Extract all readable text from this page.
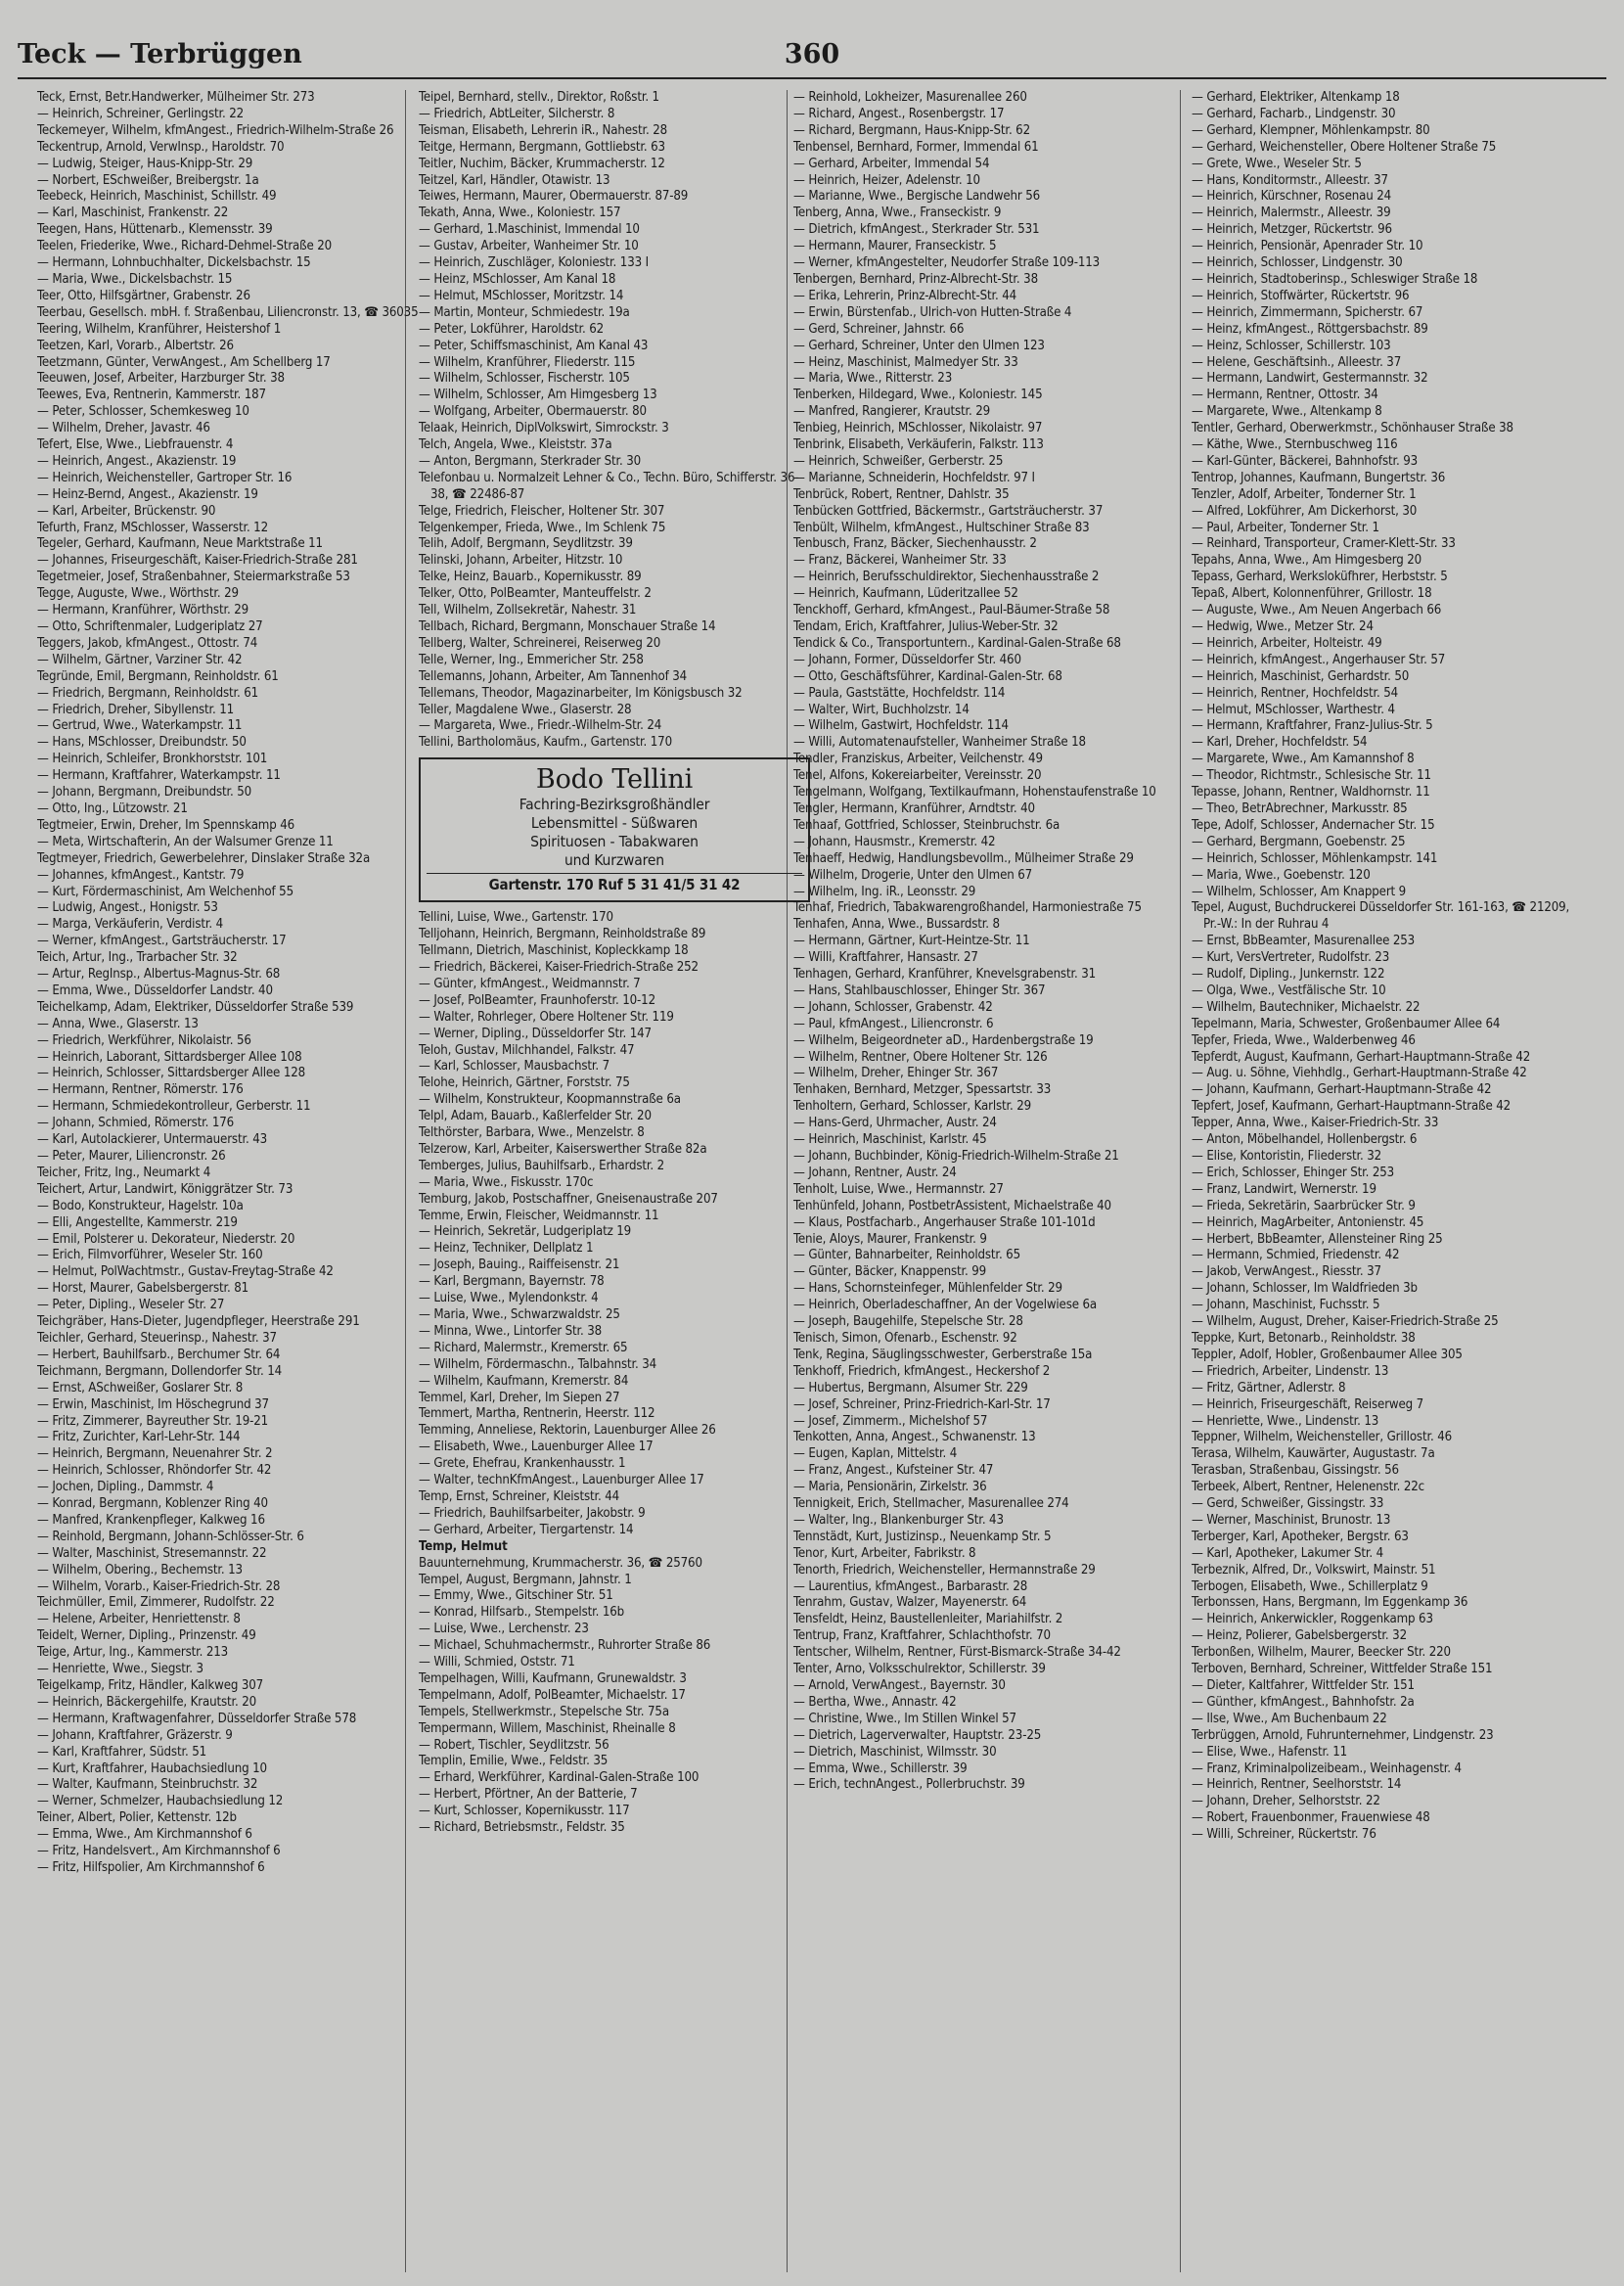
Teck — Terbrüggen	360
Teck, Ernst, Betr.Handwerker, Mülheimer Str. 273
— Heinrich, Schreiner, Gerlingstr. 22
Teckemeyer, Wilhelm, kfmAngest., Friedrich-Wilhelm-Straße 26
Teckentrup, Arnold, VerwInsp., Haroldstr. 70
— Ludwig, Steiger, Haus-Knipp-Str. 29
— Norbert, ESchweißer, Breibergstr. 1a
Teebeck, Heinrich, Maschinist, Schillstr. 49
— Karl, Maschinist, Frankenstr. 22
Teegen, Hans, Hüttenarb., Klemensstr. 39
Teelen, Friederike, Wwe., Richard-Dehmel-Straße 20
— Hermann, Lohnbuchhalter, Dickelsbachstr. 15
— Maria, Wwe., Dickelsbachstr. 15
Teer, Otto, Hilfsgärtner, Grabenstr. 26
Teerbau, Gesellsch. mbH. f. Straßenbau, Liliencronstr. 13, ☎ 36035
Teering, Wilhelm, Kranführer, Heistershof 1
Teetzen, Karl, Vorarb., Albertstr. 26
Teetzmann, Günter, VerwAngest., Am Schellberg 17
Teeuwen, Josef, Arbeiter, Harzburger Str. 38
Teewes, Eva, Rentnerin, Kammerstr. 187
— Peter, Schlosser, Schemkesweg 10
— Wilhelm, Dreher, Javastr. 46
Tefert, Else, Wwe., Liebfrauenstr. 4
— Heinrich, Angest., Akazienstr. 19
— Heinrich, Weichensteller, Gartroper Str. 16
— Heinz-Bernd, Angest., Akazienstr. 19
— Karl, Arbeiter, Brückenstr. 90
Tefurth, Franz, MSchlosser, Wasserstr. 12
Tegeler, Gerhard, Kaufmann, Neue Marktstraße 11
— Johannes, Friseurgeschäft, Kaiser-Friedrich-Straße 281
Tegetmeier, Josef, Straßenbahner, Steiermarkstraße 53
Tegge, Auguste, Wwe., Wörthstr. 29
— Hermann, Kranführer, Wörthstr. 29
— Otto, Schriftenmaler, Ludgeriplatz 27
Teggers, Jakob, kfmAngest., Ottostr. 74
— Wilhelm, Gärtner, Varziner Str. 42
Tegründe, Emil, Bergmann, Reinholdstr. 61
— Friedrich, Bergmann, Reinholdstr. 61
— Friedrich, Dreher, Sibyllenstr. 11
— Gertrud, Wwe., Waterkampstr. 11
— Hans, MSchlosser, Dreibundstr. 50
— Heinrich, Schleifer, Bronkhorststr. 101
— Hermann, Kraftfahrer, Waterkampstr. 11
— Johann, Bergmann, Dreibundstr. 50
— Otto, Ing., Lützowstr. 21
Tegtmeier, Erwin, Dreher, Im Spennskamp 46
— Meta, Wirtschafterin, An der Walsumer Grenze 11
Tegtmeyer, Friedrich, Gewerbelehrer, Dinslaker Straße 32a
— Johannes, kfmAngest., Kantstr. 79
— Kurt, Fördermaschinist, Am Welchenhof 55
— Ludwig, Angest., Honigstr. 53
— Marga, Verkäuferin, Verdistr. 4
— Werner, kfmAngest., Gartsträucherstr. 17
Teich, Artur, Ing., Trarbacher Str. 32
— Artur, RegInsp., Albertus-Magnus-Str. 68
— Emma, Wwe., Düsseldorfer Landstr. 40
Teichelkamp, Adam, Elektriker, Düsseldorfer Straße 539
— Anna, Wwe., Glaserstr. 13
— Friedrich, Werkführer, Nikolaistr. 56
— Heinrich, Laborant, Sittardsberger Allee 108
— Heinrich, Schlosser, Sittardsberger Allee 128
— Hermann, Rentner, Römerstr. 176
— Hermann, Schmiedekontrolleur, Gerberstr. 11
— Johann, Schmied, Römerstr. 176
— Karl, Autolackierer, Untermauerstr. 43
— Peter, Maurer, Liliencronstr. 26
Teicher, Fritz, Ing., Neumarkt 4
Teichert, Artur, Landwirt, Königgrätzer Str. 73
— Bodo, Konstrukteur, Hagelstr. 10a
— Elli, Angestellte, Kammerstr. 219
— Emil, Polsterer u. Dekorateur, Niederstr. 20
— Erich, Filmvorführer, Weseler Str. 160
— Helmut, PolWachtmstr., Gustav-Freytag-Straße 42
— Horst, Maurer, Gabelsbergerstr. 81
— Peter, Dipling., Weseler Str. 27
Teichgräber, Hans-Dieter, Jugendpfleger, Heerstraße 291
Teichler, Gerhard, Steuerinsp., Nahestr. 37
— Herbert, Bauhilfsarb., Berchumer Str. 64
Teichmann, Bergmann, Dollendorfer Str. 14
— Ernst, ASchweißer, Goslarer Str. 8
— Erwin, Maschinist, Im Höschegrund 37
— Fritz, Zimmerer, Bayreuther Str. 19-21
— Fritz, Zurichter, Karl-Lehr-Str. 144
— Heinrich, Bergmann, Neuenahrer Str. 2
— Heinrich, Schlosser, Rhöndorfer Str. 42
— Jochen, Dipling., Dammstr. 4
— Konrad, Bergmann, Koblenzer Ring 40
— Manfred, Krankenpfleger, Kalkweg 16
— Reinhold, Bergmann, Johann-Schlösser-Str. 6
— Walter, Maschinist, Stresemannstr. 22
— Wilhelm, Obering., Bechemstr. 13
— Wilhelm, Vorarb., Kaiser-Friedrich-Str. 28
Teichmüller, Emil, Zimmerer, Rudolfstr. 22
— Helene, Arbeiter, Henriettenstr. 8
Teidelt, Werner, Dipling., Prinzenstr. 49
Teige, Artur, Ing., Kammerstr. 213
— Henriette, Wwe., Siegstr. 3
Teigelkamp, Fritz, Händler, Kalkweg 307
— Heinrich, Bäckergehilfe, Krautstr. 20
— Hermann, Kraftwagenfahrer, Düsseldorfer Straße 578
— Johann, Kraftfahrer, Gräzerstr. 9
— Karl, Kraftfahrer, Südstr. 51
— Kurt, Kraftfahrer, Haubachsiedlung 10
— Walter, Kaufmann, Steinbruchstr. 32
— Werner, Schmelzer, Haubachsiedlung 12
Teiner, Albert, Polier, Kettenstr. 12b
— Emma, Wwe., Am Kirchmannshof 6
— Fritz, Handelsvert., Am Kirchmannshof 6
— Fritz, Hilfspolier, Am Kirchmannshof 6
Teipel, Bernhard, stellv., Direktor, Roßstr. 1
— Friedrich, AbtLeiter, Silcherstr. 8
Teisman, Elisabeth, Lehrerin iR., Nahestr. 28
Teitge, Hermann, Bergmann, Gottliebstr. 63
Teitler, Nuchim, Bäcker, Krummacherstr. 12
Teitzel, Karl, Händler, Otawistr. 13
Teiwes, Hermann, Maurer, Obermauerstr. 87-89
Tekath, Anna, Wwe., Koloniestr. 157
— Gerhard, 1.Maschinist, Immendal 10
— Gustav, Arbeiter, Wanheimer Str. 10
— Heinrich, Zuschläger, Koloniestr. 133 I
— Heinz, MSchlosser, Am Kanal 18
— Helmut, MSchlosser, Moritzstr. 14
— Martin, Monteur, Schmiedestr. 19a
— Peter, Lokführer, Haroldstr. 62
— Peter, Schiffsmaschinist, Am Kanal 43
— Wilhelm, Kranführer, Fliederstr. 115
— Wilhelm, Schlosser, Fischerstr. 105
— Wilhelm, Schlosser, Am Himgesberg 13
— Wolfgang, Arbeiter, Obermauerstr. 80
Telaak, Heinrich, DiplVolkswirt, Simrockstr. 3
Telch, Angela, Wwe., Kleiststr. 37a
— Anton, Bergmann, Sterkrader Str. 30
Telefonbau u. Normalzeit Lehner & Co., Techn. Büro, Schifferstr. 36-38, ☎ 22486-87
Telge, Friedrich, Fleischer, Holtener Str. 307
Telgenkemper, Frieda, Wwe., Im Schlenk 75
Telih, Adolf, Bergmann, Seydlitzstr. 39
Telinski, Johann, Arbeiter, Hitzstr. 10
Telke, Heinz, Bauarb., Kopernikusstr. 89
Telker, Otto, PolBeamter, Manteuffelstr. 2
Tell, Wilhelm, Zollsekretär, Nahestr. 31
Tellbach, Richard, Bergmann, Monschauer Straße 14
Tellberg, Walter, Schreinerei, Reiserweg 20
Telle, Werner, Ing., Emmericher Str. 258
Tellemanns, Johann, Arbeiter, Am Tannenhof 34
Tellemans, Theodor, Magazinarbeiter, Im Königsbusch 32
Teller, Magdalene Wwe., Glaserstr. 28
— Margareta, Wwe., Friedr.-Wilhelm-Str. 24
Tellini, Bartholomäus, Kaufm., Gartenstr. 170
Bodo Tellini
Fachring-Bezirksgroßhändler
Lebensmittel - Süßwaren
Spirituosen - Tabakwaren
und Kurzwaren
Gartenstr. 170 Ruf 5 31 41/5 31 42
Tellini, Luise, Wwe., Gartenstr. 170
Telljohann, Heinrich, Bergmann, Reinholdstraße 89
Tellmann, Dietrich, Maschinist, Kopleckkamp 18
— Friedrich, Bäckerei, Kaiser-Friedrich-Straße 252
— Günter, kfmAngest., Weidmannstr. 7
— Josef, PolBeamter, Fraunhoferstr. 10-12
— Walter, Rohrleger, Obere Holtener Str. 119
— Werner, Dipling., Düsseldorfer Str. 147
Teloh, Gustav, Milchhandel, Falkstr. 47
— Karl, Schlosser, Mausbachstr. 7
Telohe, Heinrich, Gärtner, Forststr. 75
— Wilhelm, Konstrukteur, Koopmannstraße 6a
Telpl, Adam, Bauarb., Kaßlerfelder Str. 20
Telthörster, Barbara, Wwe., Menzelstr. 8
Telzerow, Karl, Arbeiter, Kaiserswerther Straße 82a
Temberges, Julius, Bauhilfsarb., Erhardstr. 2
— Maria, Wwe., Fiskusstr. 170c
Temburg, Jakob, Postschaffner, Gneisenaustraße 207
Temme, Erwin, Fleischer, Weidmannstr. 11
— Heinrich, Sekretär, Ludgeriplatz 19
— Heinz, Techniker, Dellplatz 1
— Joseph, Bauing., Raiffeisenstr. 21
— Karl, Bergmann, Bayernstr. 78
— Luise, Wwe., Mylendonkstr. 4
— Maria, Wwe., Schwarzwaldstr. 25
— Minna, Wwe., Lintorfer Str. 38
— Richard, Malermstr., Kremerstr. 65
— Wilhelm, Fördermaschn., Talbahnstr. 34
— Wilhelm, Kaufmann, Kremerstr. 84
Temmel, Karl, Dreher, Im Siepen 27
Temmert, Martha, Rentnerin, Heerstr. 112
Temming, Anneliese, Rektorin, Lauenburger Allee 26
— Elisabeth, Wwe., Lauenburger Allee 17
— Grete, Ehefrau, Krankenhausstr. 1
— Walter, technKfmAngest., Lauenburger Allee 17
Temp, Ernst, Schreiner, Kleiststr. 44
— Friedrich, Bauhilfsarbeiter, Jakobstr. 9
— Gerhard, Arbeiter, Tiergartenstr. 14
Temp, Helmut
Bauunternehmung, Krummacherstr. 36, ☎ 25760
Tempel, August, Bergmann, Jahnstr. 1
— Emmy, Wwe., Gitschiner Str. 51
— Konrad, Hilfsarb., Stempelstr. 16b
— Luise, Wwe., Lerchenstr. 23
— Michael, Schuhmachermstr., Ruhrorter Straße 86
— Willi, Schmied, Oststr. 71
Tempelhagen, Willi, Kaufmann, Grunewaldstr. 3
Tempelmann, Adolf, PolBeamter, Michaelstr. 17
Tempels, Stellwerkmstr., Stepelsche Str. 75a
Tempermann, Willem, Maschinist, Rheinalle 8
— Robert, Tischler, Seydlitzstr. 56
Templin, Emilie, Wwe., Feldstr. 35
— Erhard, Werkführer, Kardinal-Galen-Straße 100
— Herbert, Pförtner, An der Batterie, 7
— Kurt, Schlosser, Kopernikusstr. 117
— Richard, Betriebsmstr., Feldstr. 35
— Reinhold, Lokheizer, Masurenallee 260
— Richard, Angest., Rosenbergstr. 17
— Richard, Bergmann, Haus-Knipp-Str. 62
Tenbensel, Bernhard, Former, Immendal 61
— Gerhard, Arbeiter, Immendal 54
— Heinrich, Heizer, Adelenstr. 10
— Marianne, Wwe., Bergische Landwehr 56
Tenberg, Anna, Wwe., Franseckistr. 9
— Dietrich, kfmAngest., Sterkrader Str. 531
— Hermann, Maurer, Franseckistr. 5
— Werner, kfmAngestelter, Neudorfer Straße 109-113
Tenbergen, Bernhard, Prinz-Albrecht-Str. 38
— Erika, Lehrerin, Prinz-Albrecht-Str. 44
— Erwin, Bürstenfab., Ulrich-von Hutten-Straße 4
— Gerd, Schreiner, Jahnstr. 66
— Gerhard, Schreiner, Unter den Ulmen 123
— Heinz, Maschinist, Malmedyer Str. 33
— Maria, Wwe., Ritterstr. 23
Tenberken, Hildegard, Wwe., Koloniestr. 145
— Manfred, Rangierer, Krautstr. 29
Tenbieg, Heinrich, MSchlosser, Nikolaistr. 97
Tenbrink, Elisabeth, Verkäuferin, Falkstr. 113
— Heinrich, Schweißer, Gerberstr. 25
— Marianne, Schneiderin, Hochfeldstr. 97 I
Tenbrück, Robert, Rentner, Dahlstr. 35
Tenbücken Gottfried, Bäckermstr., Gartsträucherstr. 37
Tenbült, Wilhelm, kfmAngest., Hultschiner Straße 83
Tenbusch, Franz, Bäcker, Siechenhausstr. 2
— Franz, Bäckerei, Wanheimer Str. 33
— Heinrich, Berufsschuldirektor, Siechenhausstraße 2
— Heinrich, Kaufmann, Lüderitzallee 52
Tenckhoff, Gerhard, kfmAngest., Paul-Bäumer-Straße 58
Tendam, Erich, Kraftfahrer, Julius-Weber-Str. 32
Tendick & Co., Transportuntern., Kardinal-Galen-Straße 68
— Johann, Former, Düsseldorfer Str. 460
— Otto, Geschäftsführer, Kardinal-Galen-Str. 68
— Paula, Gaststätte, Hochfeldstr. 114
— Walter, Wirt, Buchholzstr. 14
— Wilhelm, Gastwirt, Hochfeldstr. 114
— Willi, Automatenaufsteller, Wanheimer Straße 18
Tendler, Franziskus, Arbeiter, Veilchenstr. 49
Tenel, Alfons, Kokereiarbeiter, Vereinsstr. 20
Tengelmann, Wolfgang, Textilkaufmann, Hohenstaufenstraße 10
Tengler, Hermann, Kranführer, Arndtstr. 40
Tenhaaf, Gottfried, Schlosser, Steinbruchstr. 6a
— Johann, Hausmstr., Kremerstr. 42
Tenhaeff, Hedwig, Handlungsbevollm., Mülheimer Straße 29
— Wilhelm, Drogerie, Unter den Ulmen 67
— Wilhelm, Ing. iR., Leonsstr. 29
Tenhaf, Friedrich, Tabakwarengroßhandel, Harmoniestraße 75
Tenhafen, Anna, Wwe., Bussardstr. 8
— Hermann, Gärtner, Kurt-Heintze-Str. 11
— Willi, Kraftfahrer, Hansastr. 27
Tenhagen, Gerhard, Kranführer, Knevelsgrabenstr. 31
— Hans, Stahlbauschlosser, Ehinger Str. 367
— Johann, Schlosser, Grabenstr. 42
— Paul, kfmAngest., Liliencronstr. 6
— Wilhelm, Beigeordneter aD., Hardenbergstraße 19
— Wilhelm, Rentner, Obere Holtener Str. 126
— Wilhelm, Dreher, Ehinger Str. 367
Tenhaken, Bernhard, Metzger, Spessartstr. 33
Tenholtern, Gerhard, Schlosser, Karlstr. 29
— Hans-Gerd, Uhrmacher, Austr. 24
— Heinrich, Maschinist, Karlstr. 45
— Johann, Buchbinder, König-Friedrich-Wilhelm-Straße 21
— Johann, Rentner, Austr. 24
Tenholt, Luise, Wwe., Hermannstr. 27
Tenhünfeld, Johann, PostbetrAssistent, Michaelstraße 40
— Klaus, Postfacharb., Angerhauser Straße 101-101d
Tenie, Aloys, Maurer, Frankenstr. 9
— Günter, Bahnarbeiter, Reinholdstr. 65
— Günter, Bäcker, Knappenstr. 99
— Hans, Schornsteinfeger, Mühlenfelder Str. 29
— Heinrich, Oberladeschaffner, An der Vogelwiese 6a
— Joseph, Baugehilfe, Stepelsche Str. 28
Tenisch, Simon, Ofenarb., Eschenstr. 92
Tenk, Regina, Säuglingsschwester, Gerberstraße 15a
Tenkhoff, Friedrich, kfmAngest., Heckershof 2
— Hubertus, Bergmann, Alsumer Str. 229
— Josef, Schreiner, Prinz-Friedrich-Karl-Str. 17
— Josef, Zimmerm., Michelshof 57
Tenkotten, Anna, Angest., Schwanenstr. 13
— Eugen, Kaplan, Mittelstr. 4
— Franz, Angest., Kufsteiner Str. 47
— Maria, Pensionärin, Zirkelstr. 36
Tennigkeit, Erich, Stellmacher, Masurenallee 274
— Walter, Ing., Blankenburger Str. 43
Tennstädt, Kurt, Justizinsp., Neuenkamp Str. 5
Tenor, Kurt, Arbeiter, Fabrikstr. 8
Tenorth, Friedrich, Weichensteller, Hermannstraße 29
— Laurentius, kfmAngest., Barbarastr. 28
Tenrahm, Gustav, Walzer, Mayenerstr. 64
Tensfeldt, Heinz, Baustellenleiter, Mariahilfstr. 2
Tentrup, Franz, Kraftfahrer, Schlachthofstr. 70
Tentscher, Wilhelm, Rentner, Fürst-Bismarck-Straße 34-42
Tenter, Arno, Volksschulrektor, Schillerstr. 39
— Arnold, VerwAngest., Bayernstr. 30
— Bertha, Wwe., Annastr. 42
— Christine, Wwe., Im Stillen Winkel 57
— Dietrich, Lagerverwalter, Hauptstr. 23-25
— Dietrich, Maschinist, Wilmsstr. 30
— Emma, Wwe., Schillerstr. 39
— Erich, technAngest., Pollerbruchstr. 39
— Gerhard, Elektriker, Altenkamp 18
— Gerhard, Facharb., Lindgenstr. 30
— Gerhard, Klempner, Möhlenkampstr. 80
— Gerhard, Weichensteller, Obere Holtener Straße 75
— Grete, Wwe., Weseler Str. 5
— Hans, Konditormstr., Alleestr. 37
— Heinrich, Kürschner, Rosenau 24
— Heinrich, Malermstr., Alleestr. 39
— Heinrich, Metzger, Rückertstr. 96
— Heinrich, Pensionär, Apenrader Str. 10
— Heinrich, Schlosser, Lindgenstr. 30
— Heinrich, Stadtoberinsp., Schleswiger Straße 18
— Heinrich, Stoffwärter, Rückertstr. 96
— Heinrich, Zimmermann, Spicherstr. 67
— Heinz, kfmAngest., Röttgersbachstr. 89
— Heinz, Schlosser, Schillerstr. 103
— Helene, Geschäftsinh., Alleestr. 37
— Hermann, Landwirt, Gestermannstr. 32
— Hermann, Rentner, Ottostr. 34
— Margarete, Wwe., Altenkamp 8
Tentler, Gerhard, Oberwerkmstr., Schönhauser Straße 38
— Käthe, Wwe., Sternbuschweg 116
— Karl-Günter, Bäckerei, Bahnhofstr. 93
Tentrop, Johannes, Kaufmann, Bungertstr. 36
Tenzler, Adolf, Arbeiter, Tonderner Str. 1
— Alfred, Lokführer, Am Dickerhorst, 30
— Paul, Arbeiter, Tonderner Str. 1
— Reinhard, Transporteur, Cramer-Klett-Str. 33
Tepahs, Anna, Wwe., Am Himgesberg 20
Tepass, Gerhard, Werksloküfhrer, Herbststr. 5
Tepaß, Albert, Kolonnenführer, Grillostr. 18
— Auguste, Wwe., Am Neuen Angerbach 66
— Hedwig, Wwe., Metzer Str. 24
— Heinrich, Arbeiter, Holteistr. 49
— Heinrich, kfmAngest., Angerhauser Str. 57
— Heinrich, Maschinist, Gerhardstr. 50
— Heinrich, Rentner, Hochfeldstr. 54
— Helmut, MSchlosser, Warthestr. 4
— Hermann, Kraftfahrer, Franz-Julius-Str. 5
— Karl, Dreher, Hochfeldstr. 54
— Margarete, Wwe., Am Kamannshof 8
— Theodor, Richtmstr., Schlesische Str. 11
Tepasse, Johann, Rentner, Waldhornstr. 11
— Theo, BetrAbrechner, Markusstr. 85
Tepe, Adolf, Schlosser, Andernacher Str. 15
— Gerhard, Bergmann, Goebenstr. 25
— Heinrich, Schlosser, Möhlenkampstr. 141
— Maria, Wwe., Goebenstr. 120
— Wilhelm, Schlosser, Am Knappert 9
Tepel, August, Buchdruckerei Düsseldorfer Str. 161-163, ☎ 21209, Pr.-W.: In der Ruhrau 4
— Ernst, BbBeamter, Masurenallee 253
— Kurt, VersVertreter, Rudolfstr. 23
— Rudolf, Dipling., Junkernstr. 122
— Olga, Wwe., Vestfälische Str. 10
— Wilhelm, Bautechniker, Michaelstr. 22
Tepelmann, Maria, Schwester, Großenbaumer Allee 64
Tepfer, Frieda, Wwe., Walderbenweg 46
Tepferdt, August, Kaufmann, Gerhart-Hauptmann-Straße 42
— Aug. u. Söhne, Viehhdlg., Gerhart-Hauptmann-Straße 42
— Johann, Kaufmann, Gerhart-Hauptmann-Straße 42
Tepfert, Josef, Kaufmann, Gerhart-Hauptmann-Straße 42
Tepper, Anna, Wwe., Kaiser-Friedrich-Str. 33
— Anton, Möbelhandel, Hollenbergstr. 6
— Elise, Kontoristin, Fliederstr. 32
— Erich, Schlosser, Ehinger Str. 253
— Franz, Landwirt, Wernerstr. 19
— Frieda, Sekretärin, Saarbrücker Str. 9
— Heinrich, MagArbeiter, Antonienstr. 45
— Herbert, BbBeamter, Allensteiner Ring 25
— Hermann, Schmied, Friedenstr. 42
— Jakob, VerwAngest., Riesstr. 37
— Johann, Schlosser, Im Waldfrieden 3b
— Johann, Maschinist, Fuchsstr. 5
— Wilhelm, August, Dreher, Kaiser-Friedrich-Straße 25
Teppke, Kurt, Betonarb., Reinholdstr. 38
Teppler, Adolf, Hobler, Großenbaumer Allee 305
— Friedrich, Arbeiter, Lindenstr. 13
— Fritz, Gärtner, Adlerstr. 8
— Heinrich, Friseurgeschäft, Reiserweg 7
— Henriette, Wwe., Lindenstr. 13
Teppner, Wilhelm, Weichensteller, Grillostr. 46
Terasa, Wilhelm, Kauwärter, Augustastr. 7a
Terasban, Straßenbau, Gissingstr. 56
Terbeek, Albert, Rentner, Helenenstr. 22c
— Gerd, Schweißer, Gissingstr. 33
— Werner, Maschinist, Brunostr. 13
Terberger, Karl, Apotheker, Bergstr. 63
— Karl, Apotheker, Lakumer Str. 4
Terbeznik, Alfred, Dr., Volkswirt, Mainstr. 51
Terbogen, Elisabeth, Wwe., Schillerplatz 9
Terbonssen, Hans, Bergmann, Im Eggenkamp 36
— Heinrich, Ankerwickler, Roggenkamp 63
— Heinz, Polierer, Gabelsbergerstr. 32
Terbonßen, Wilhelm, Maurer, Beecker Str. 220
Terboven, Bernhard, Schreiner, Wittfelder Straße 151
— Dieter, Kaltfahrer, Wittfelder Str. 151
— Günther, kfmAngest., Bahnhofstr. 2a
— Ilse, Wwe., Am Buchenbaum 22
Terbrüggen, Arnold, Fuhrunternehmer, Lindgenstr. 23
— Elise, Wwe., Hafenstr. 11
— Franz, Kriminalpolizeibeam., Weinhagenstr. 4
— Heinrich, Rentner, Seelhorststr. 14
— Johann, Dreher, Selhorststr. 22
— Robert, Frauenbonmer, Frauenwiese 48
— Willi, Schreiner, Rückertstr. 76
